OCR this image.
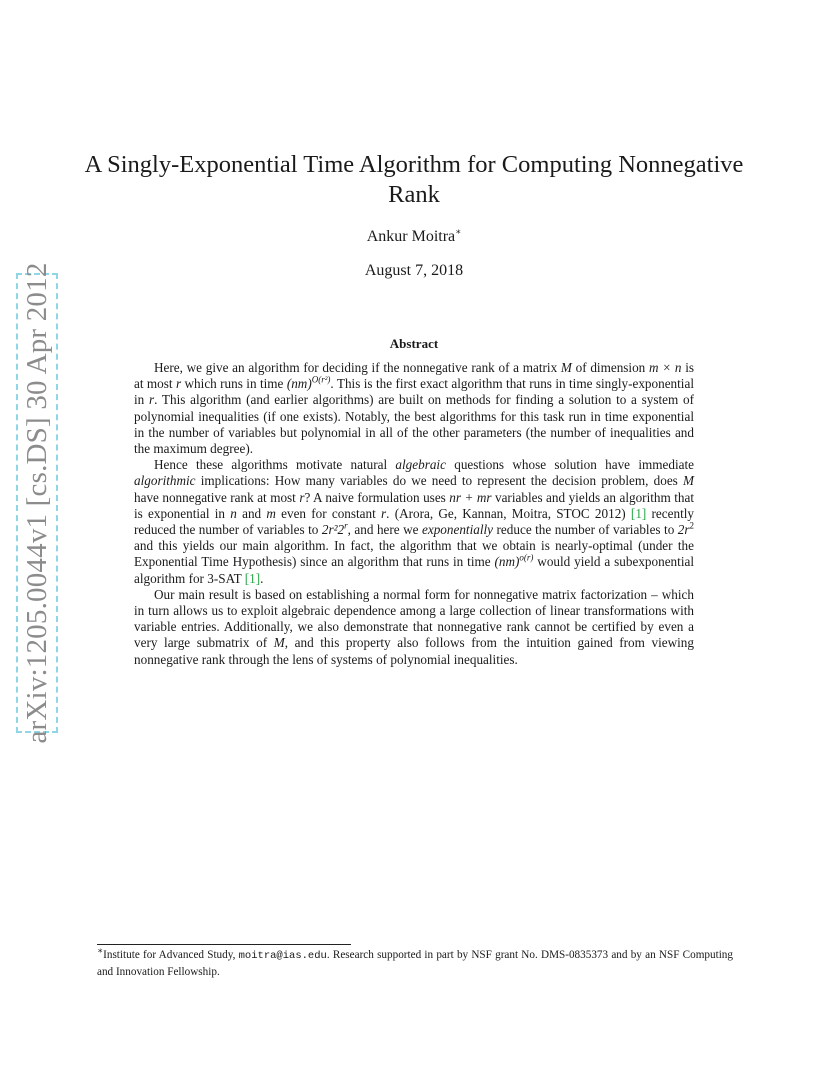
arXiv:1205.0044v1 [cs.DS] 30 Apr 2012
A Singly-Exponential Time Algorithm for Computing Nonnegative Rank
Ankur Moitra∗
August 7, 2018
Abstract

Here, we give an algorithm for deciding if the nonnegative rank of a matrix M of dimension m × n is at most r which runs in time (nm)$^{O(r^2)}$. This is the first exact algorithm that runs in time singly-exponential in r. This algorithm (and earlier algorithms) are built on methods for finding a solution to a system of polynomial inequalities (if one exists). Notably, the best algorithms for this task run in time exponential in the number of variables but polynomial in all of the other parameters (the number of inequalities and the maximum degree).

Hence these algorithms motivate natural algebraic questions whose solution have immediate algorithmic implications: How many variables do we need to represent the decision problem, does M have nonnegative rank at most r? A naive formulation uses nr + mr variables and yields an algorithm that is exponential in n and m even for constant r. (Arora, Ge, Kannan, Moitra, STOC 2012) [1] recently reduced the number of variables to 2r²2$^r$, and here we exponentially reduce the number of variables to $2r^2$ and this yields our main algorithm. In fact, the algorithm that we obtain is nearly-optimal (under the Exponential Time Hypothesis) since an algorithm that runs in time (nm)$^{o(r)}$ would yield a subexponential algorithm for 3-SAT [1].

Our main result is based on establishing a normal form for nonnegative matrix factorization – which in turn allows us to exploit algebraic dependence among a large collection of linear transformations with variable entries. Additionally, we also demonstrate that nonnegative rank cannot be certified by even a very large submatrix of M, and this property also follows from the intuition gained from viewing nonnegative rank through the lens of systems of polynomial inequalities.

∗Institute for Advanced Study, moitra@ias.edu. Research supported in part by NSF grant No. DMS-0835373 and by an NSF Computing and Innovation Fellowship.
